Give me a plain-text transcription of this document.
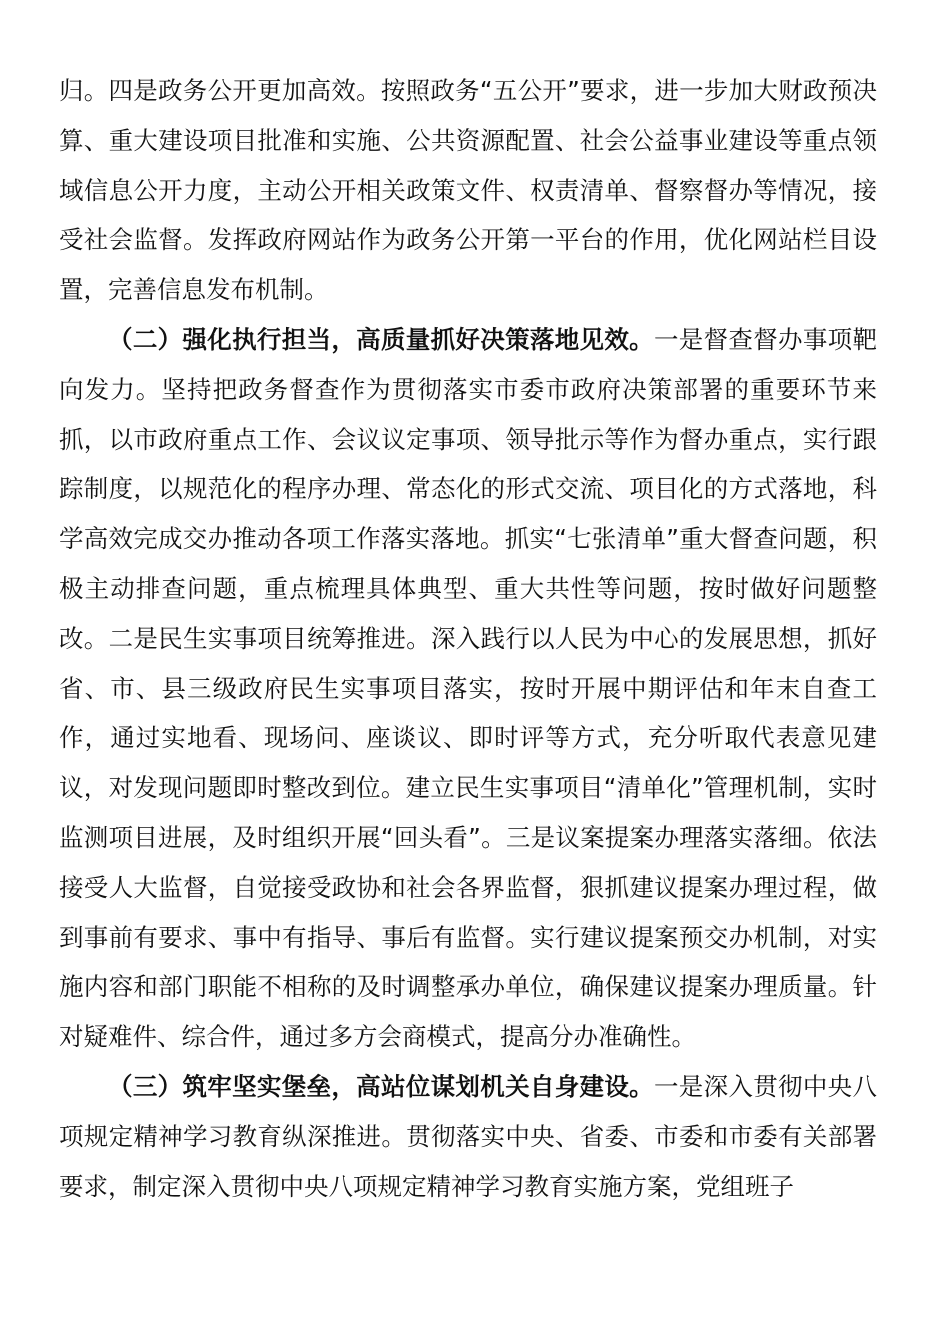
归。四是政务公开更加高效。按照政务“五公开”要求，进一步加大财政预决算、重大建设项目批准和实施、公共资源配置、社会公益事业建设等重点领域信息公开力度，主动公开相关政策文件、权责清单、督察督办等情况，接受社会监督。发挥政府网站作为政务公开第一平台的作用，优化网站栏目设置，完善信息发布机制。

（二）强化执行担当，高质量抓好决策落地见效。一是督查督办事项靶向发力。坚持把政务督查作为贯彻落实市委市政府决策部署的重要环节来抓，以市政府重点工作、会议议定事项、领导批示等作为督办重点，实行跟踪制度，以规范化的程序办理、常态化的形式交流、项目化的方式落地，科学高效完成交办推动各项工作落实落地。抓实“七张清单”重大督查问题，积极主动排查问题，重点梳理具体典型、重大共性等问题，按时做好问题整改。二是民生实事项目统筹推进。深入践行以人民为中心的发展思想，抓好省、市、县三级政府民生实事项目落实，按时开展中期评估和年末自查工作，通过实地看、现场问、座谈议、即时评等方式，充分听取代表意见建议，对发现问题即时整改到位。建立民生实事项目“清单化”管理机制，实时监测项目进展，及时组织开展“回头看”。三是议案提案办理落实落细。依法接受人大监督，自觉接受政协和社会各界监督，狠抓建议提案办理过程，做到事前有要求、事中有指导、事后有监督。实行建议提案预交办机制，对实施内容和部门职能不相称的及时调整承办单位，确保建议提案办理质量。针对疑难件、综合件，通过多方会商模式，提高分办准确性。

（三）筑牢坚实堡垒，高站位谋划机关自身建设。一是深入贯彻中央八项规定精神学习教育纵深推进。贯彻落实中央、省委、市委和市委有关部署要求，制定深入贯彻中央八项规定精神学习教育实施方案，党组班子
